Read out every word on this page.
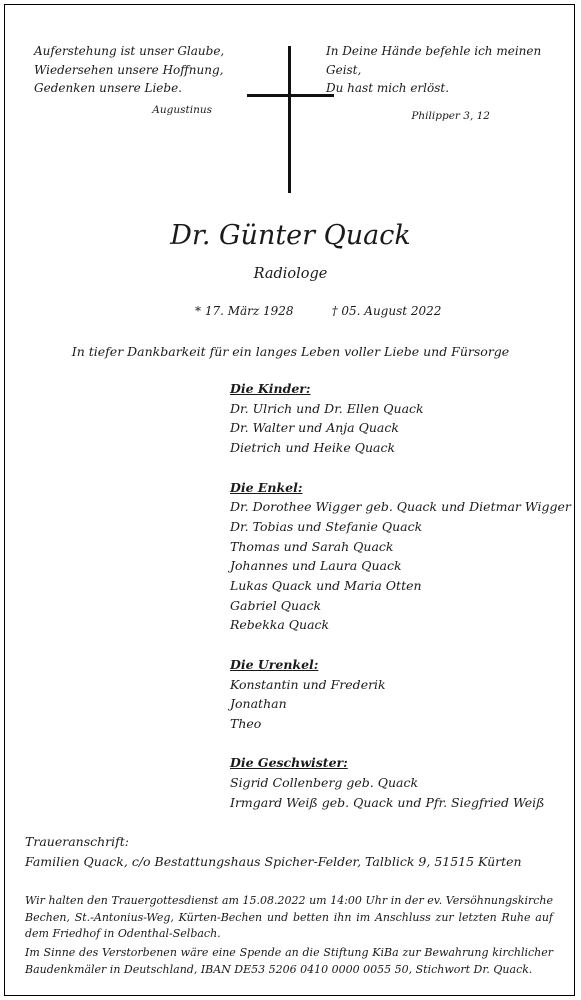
Auferstehung ist unser Glaube,
Wiedersehen unsere Hoffnung,
Gedenken unsere Liebe.
Augustinus
In Deine Hände befehle ich meinen Geist,
Du hast mich erlöst.
Philipper 3, 12
Dr. Günter Quack
Radiologe
* 17. März 1928	† 05. August 2022
In tiefer Dankbarkeit für ein langes Leben voller Liebe und Fürsorge
Die Kinder:
Dr. Ulrich und Dr. Ellen Quack
Dr. Walter und Anja Quack
Dietrich und Heike Quack
Die Enkel:
Dr. Dorothee Wigger geb. Quack und Dietmar Wigger
Dr. Tobias und Stefanie Quack
Thomas und Sarah Quack
Johannes und Laura Quack
Lukas Quack und Maria Otten
Gabriel Quack
Rebekka Quack
Die Urenkel:
Konstantin und Frederik
Jonathan
Theo
Die Geschwister:
Sigrid Collenberg geb. Quack
Irmgard Weiß geb. Quack und Pfr. Siegfried Weiß
Traueranschrift:
Familien Quack, c/o Bestattungshaus Spicher-Felder, Talblick 9, 51515 Kürten
Wir halten den Trauergottesdienst am 15.08.2022 um 14:00 Uhr in der ev. Versöhnungskirche Bechen, St.-Antonius-Weg, Kürten-Bechen und betten ihn im Anschluss zur letzten Ruhe auf dem Friedhof in Odenthal-Selbach.
Im Sinne des Verstorbenen wäre eine Spende an die Stiftung KiBa zur Bewahrung kirchlicher Baudenkmäler in Deutschland, IBAN DE53 5206 0410 0000 0055 50, Stichwort Dr. Quack.
